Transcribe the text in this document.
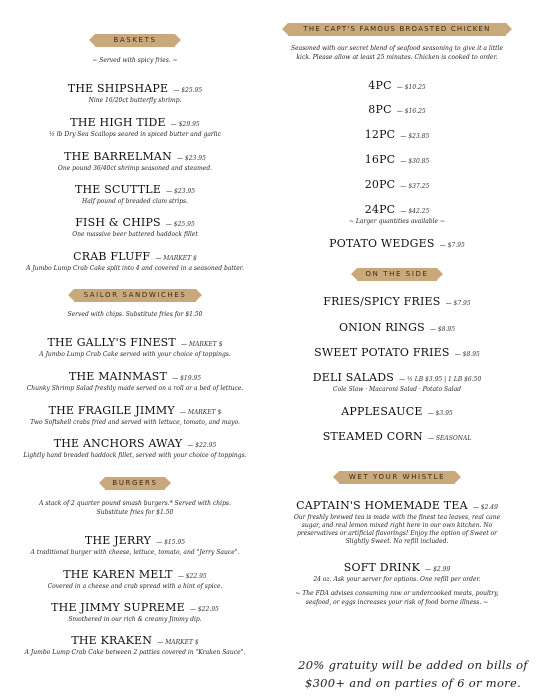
BASKETS
~ Served with spicy fries. ~
THE SHIPSHAPE — $25.95
Nine 16/20ct butterfly shrimp.
THE HIGH TIDE — $29.95
½ lb Dry Sea Scallops seared in spiced butter and garlic
THE BARRELMAN — $23.95
One pound 36/40ct shrimp seasoned and steamed.
THE SCUTTLE — $23.95
Half pound of breaded clam strips.
FISH & CHIPS — $25.95
One massive beer battered haddock fillet
CRAB FLUFF — MARKET $
A Jumbo Lump Crab Cake split into 4 and covered in a seasoned batter.
SAILOR SANDWICHES
Served with chips. Substitute fries for $1.50
THE GALLY'S FINEST — MARKET $
A Jumbo Lump Crab Cake served with your choice of toppings.
THE MAINMAST — $19.95
Chunky Shrimp Salad freshly made served on a roll or a bed of lettuce.
THE FRAGILE JIMMY — MARKET $
Two Softshell crabs fried and served with lettuce, tomato, and mayo.
THE ANCHORS AWAY — $22.95
Lightly hand breaded haddock fillet, served with your choice of toppings.
BURGERS
A stack of 2 quarter pound smash burgers.* Served with chips.
Substitute fries for $1.50
THE JERRY — $15.95
A traditional burger with cheese, lettuce, tomato, and "Jerry Sauce".
THE KAREN MELT — $22.95
Covered in a cheese and crab spread with a hint of spice.
THE JIMMY SUPREME — $22.95
Smothered in our rich & creamy Jimmy dip.
THE KRAKEN — MARKET $
A Jumbo Lump Crab Cake between 2 patties covered in "Kraken Sauce".
THE CAPT'S FAMOUS BROASTED CHICKEN
Seasoned with our secret blend of seafood seasoning to give it a little kick. Please allow at least 25 minutes. Chicken is cooked to order.
4PC — $10.25
8PC — $16.25
12PC — $23.85
16PC — $30.85
20PC — $37.25
24PC — $42.25
~ Larger quantities available ~
POTATO WEDGES — $7.95
ON THE SIDE
FRIES/SPICY FRIES — $7.95
ONION RINGS — $8.95
SWEET POTATO FRIES — $8.95
DELI SALADS — ½ LB $3.95 | 1 LB $6.50
Cole Slaw · Macaroni Salad · Potato Salad
APPLESAUCE — $3.95
STEAMED CORN — SEASONAL
WET YOUR WHISTLE
CAPTAIN'S HOMEMADE TEA — $2.49
Our freshly brewed tea is made with the finest tea leaves, real cane sugar, and real lemon mixed right here in our own kitchen. No preservatives or artificial flavorings! Enjoy the option of Sweet or Slightly Sweet. No refill included.
SOFT DRINK — $2.99
24 oz. Ask your server for options. One refill per order.
~ The FDA advises consuming raw or undercooked meats, poultry, seafood, or eggs increases your risk of food borne illness. ~
20% gratuity will be added on bills of $300+ and on parties of 6 or more.
